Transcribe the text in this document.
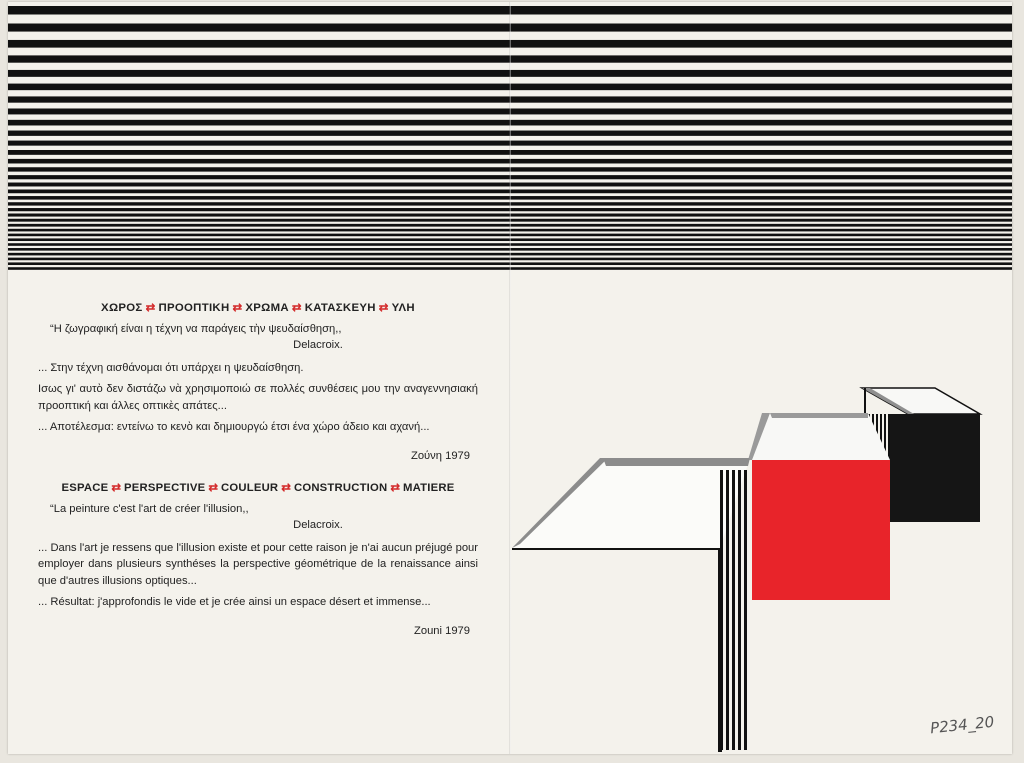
ΧΩΡΟΣ ⇄ ΠΡΟΟΠΤΙΚΗ ⇄ ΧΡΩΜΑ ⇄ ΚΑΤΑΣΚΕΥΗ ⇄ ΥΛΗ
“Η ζωγραφική είναι η τέχνη να παράγεις τὴν ψευδαίσθηση,,
Delacroix.
... Στην τέχνη αισθάνομαι ότι υπάρχει η ψευδαίσθηση.
Ισως γι' αυτὸ δεν διστάζω νὰ χρησιμοποιώ σε πολλές συνθέσεις μου την αναγεννησιακή προοπτική και άλλες οπτικὲς απάτες...
... Αποτέλεσμα: εντείνω το κενὸ και δημιουργώ έτσι ένα χώρο άδειο και αχανή...
Ζούνη 1979
ESPACE ⇄ PERSPECTIVE ⇄ COULEUR ⇄ CONSTRUCTION ⇄ MATIERE
“La peinture c'est l'art de créer l'illusion,,
Delacroix.
... Dans l'art je ressens que l'illusion existe et pour cette raison je n'ai aucun préjugé pour employer dans plusieurs synthéses la perspective géométrique de la renaissance ainsi que d'autres illusions optiques...
... Résultat: j'approfondis le vide et je crée ainsi un espace désert et immense...
Zouni 1979
P234_20
